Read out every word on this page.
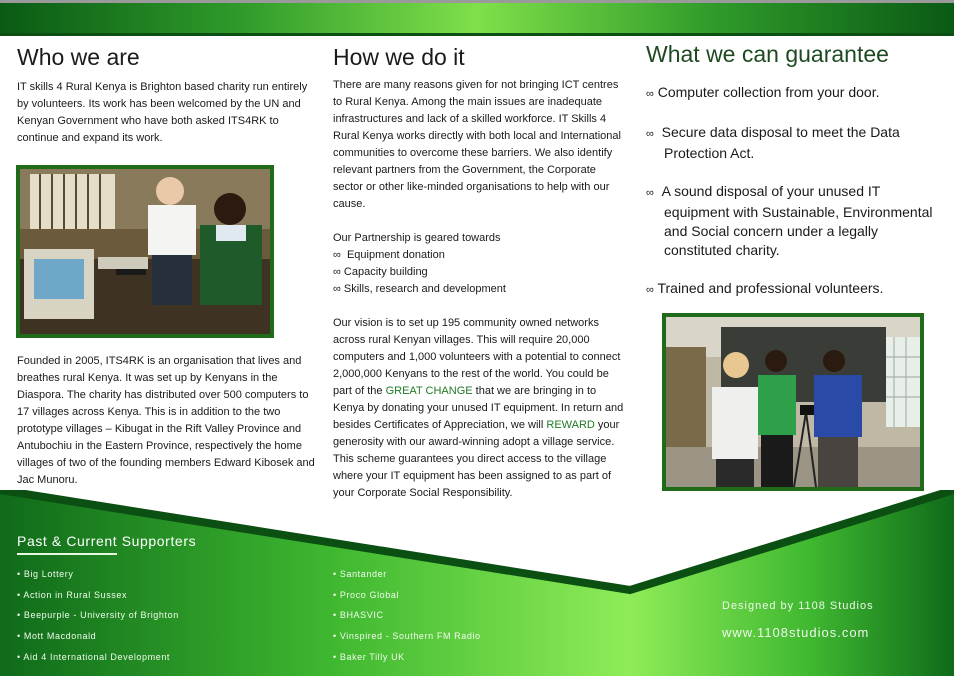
Who we are

IT skills 4 Rural Kenya is Brighton based charity run entirely by volunteers. Its work has been welcomed by the UN and Kenyan Government who have both asked ITS4RK to continue and expand its work.

Founded in 2005, ITS4RK is an organisation that lives and breathes rural Kenya. It was set up by Kenyans in the Diaspora. The charity has distributed over 500 computers to 17 villages across Kenya. This is in addition to the two prototype villages – Kibugat in the Rift Valley Province and Antubochiu in the Eastern Province, respectively the home villages of two of the founding members Edward Kibosek and Jac Munoru.

How we do it

There are many reasons given for not bringing ICT centres to Rural Kenya. Among the main issues are inadequate infrastructures and lack of a skilled workforce. IT Skills 4 Rural Kenya works directly with both local and International communities to overcome these barriers. We also identify relevant partners from the Government, the Corporate sector or other like-minded organisations to help with our cause.

Our Partnership is geared towards

∞ Equipment donation
∞ Capacity building
∞ Skills, research and development

Our vision is to set up 195 community owned networks across rural Kenyan villages. This will require 20,000 computers and 1,000 volunteers with a potential to connect 2,000,000 Kenyans to the rest of the world. You could be part of the GREAT CHANGE that we are bringing in to Kenya by donating your unused IT equipment. In return and besides Certificates of Appreciation, we will REWARD your generosity with our award-winning adopt a village service. This scheme guarantees you direct access to the village where your IT equipment has been assigned to as part of your Corporate Social Responsibility.

What we can guarantee
∞ Computer collection from your door.
∞ Secure data disposal to meet the Data Protection Act.
∞ A sound disposal of your unused IT equipment with Sustainable, Environmental and Social concern under a legally constituted charity.
∞ Trained and professional volunteers.
Past & Current Supporters
• Big Lottery
• Action in Rural Sussex
• Beepurple - University of Brighton
• Mott Macdonald
• Aid 4 International Development
• Santander
• Proco Global
• BHASVIC
• Vinspired - Southern FM Radio
• Baker Tilly UK
Designed by 1108 Studios
www.1108studios.com
